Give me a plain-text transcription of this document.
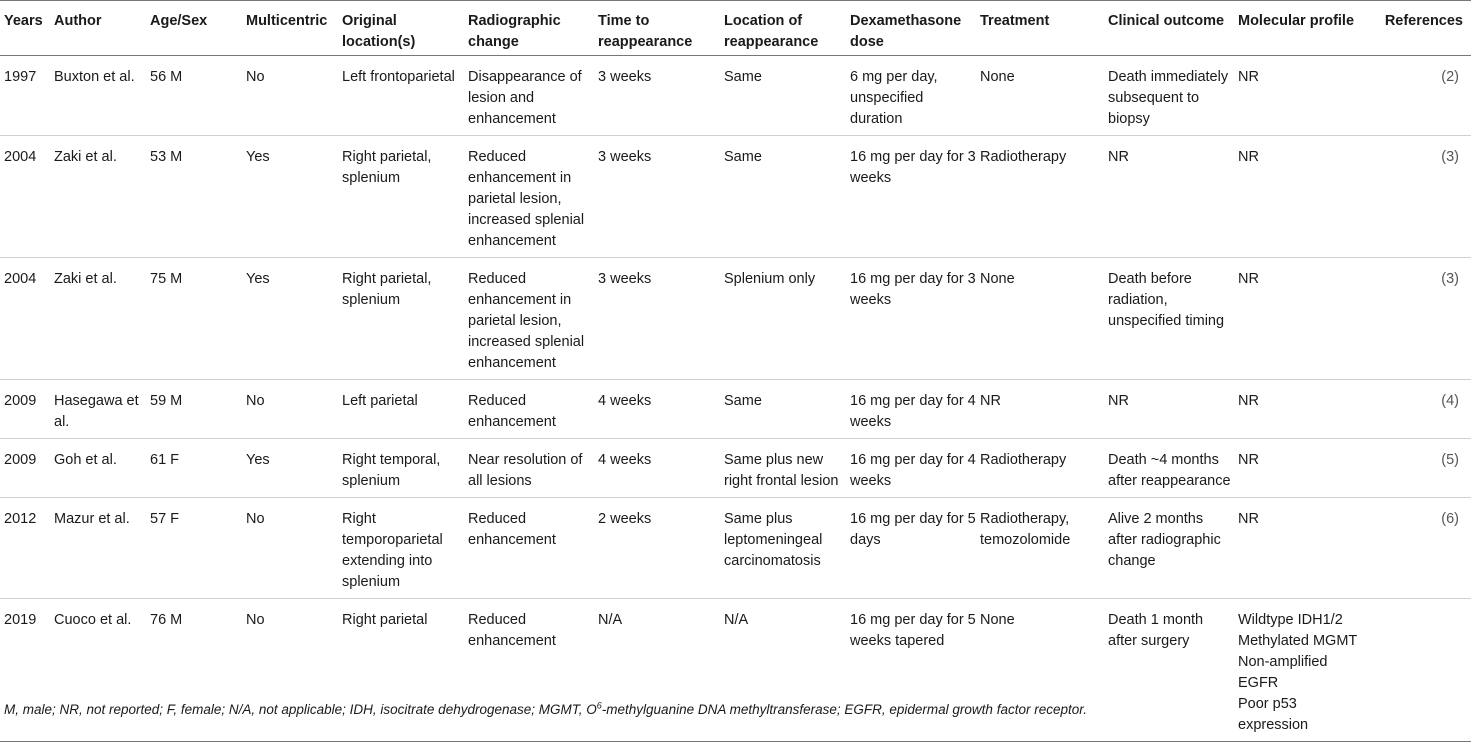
Years	Author	Age/Sex	Multicentric	Original location(s)	Radiographic change	Time to reappearance	Location of reappearance	Dexamethasone dose	Treatment	Clinical outcome	Molecular profile	References
1997	Buxton et al.	56 M	No	Left frontoparietal	Disappearance of lesion and enhancement	3 weeks	Same	6 mg per day, unspecified duration	None	Death immediately subsequent to biopsy	NR	(2)
2004	Zaki et al.	53 M	Yes	Right parietal, splenium	Reduced enhancement in parietal lesion, increased splenial enhancement	3 weeks	Same	16 mg per day for 3 weeks	Radiotherapy	NR	NR	(3)
2004	Zaki et al.	75 M	Yes	Right parietal, splenium	Reduced enhancement in parietal lesion, increased splenial enhancement	3 weeks	Splenium only	16 mg per day for 3 weeks	None	Death before radiation, unspecified timing	NR	(3)
2009	Hasegawa et al.	59 M	No	Left parietal	Reduced enhancement	4 weeks	Same	16 mg per day for 4 weeks	NR	NR	NR	(4)
2009	Goh et al.	61 F	Yes	Right temporal, splenium	Near resolution of all lesions	4 weeks	Same plus new right frontal lesion	16 mg per day for 4 weeks	Radiotherapy	Death ~4 months after reappearance	NR	(5)
2012	Mazur et al.	57 F	No	Right temporoparietal extending into splenium	Reduced enhancement	2 weeks	Same plus leptomeningeal carcinomatosis	16 mg per day for 5 days	Radiotherapy, temozolomide	Alive 2 months after radiographic change	NR	(6)
2019	Cuoco et al.	76 M	No	Right parietal	Reduced enhancement	N/A	N/A	16 mg per day for 5 weeks tapered	None	Death 1 month after surgery	Wildtype IDH1/2
Methylated MGMT
Non-amplified EGFR
Poor p53 expression	

M, male; NR, not reported; F, female; N/A, not applicable; IDH, isocitrate dehydrogenase; MGMT, $O^6$-methylguanine DNA methyltransferase; EGFR, epidermal growth factor receptor.
